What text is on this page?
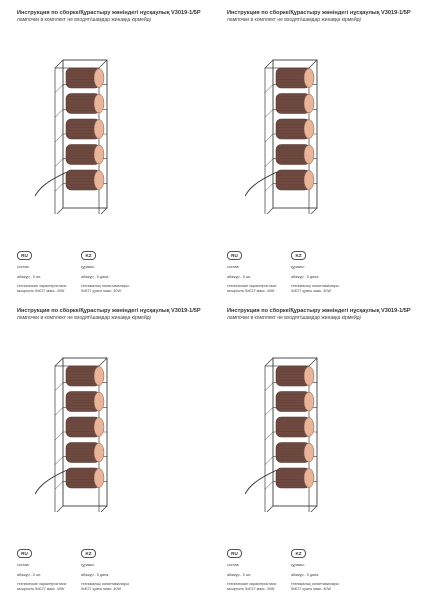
Инструкция по сборке/Құрастыру жөніндегі нұсқаулық V3019-1/5P
лампочки в комплект не входят/шамдар жинаққа кірмейді
RU
состав:
абажур - 5 шт.
технические характеристики:
мощность 5xE27 макс. 40W
KZ
құрамы:
абажур - 5 дана.
техникалық сипаттамалары:
5xE27 қуаты макс. 40W
Инструкция по сборке/Құрастыру жөніндегі нұсқаулық V3019-1/5P
лампочки в комплект не входят/шамдар жинаққа кірмейді
RU
состав:
абажур - 5 шт.
технические характеристики:
мощность 5xE27 макс. 40W
KZ
құрамы:
абажур - 5 дана.
техникалық сипаттамалары:
5xE27 қуаты макс. 40W
Инструкция по сборке/Құрастыру жөніндегі нұсқаулық V3019-1/5P
лампочки в комплект не входят/шамдар жинаққа кірмейді
RU
состав:
абажур - 5 шт.
технические характеристики:
мощность 5xE27 макс. 40W
KZ
құрамы:
абажур - 5 дана.
техникалық сипаттамалары:
5xE27 қуаты макс. 40W
Инструкция по сборке/Құрастыру жөніндегі нұсқаулық V3019-1/5P
лампочки в комплект не входят/шамдар жинаққа кірмейді
RU
состав:
абажур - 5 шт.
технические характеристики:
мощность 5xE27 макс. 40W
KZ
құрамы:
абажур - 5 дана.
техникалық сипаттамалары:
5xE27 қуаты макс. 40W
